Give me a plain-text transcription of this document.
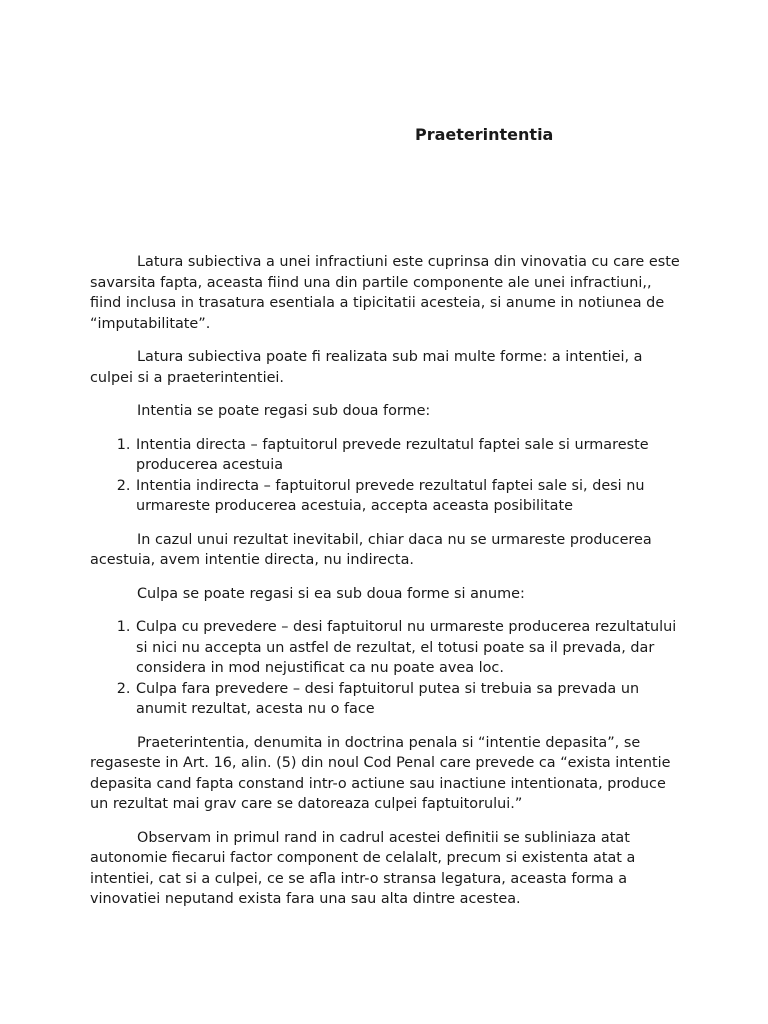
Praeterintentia

Latura subiectiva a unei infractiuni este cuprinsa din vinovatia cu care este savarsita fapta, aceasta fiind una din partile componente ale unei infractiuni,, fiind inclusa in trasatura esentiala a tipicitatii acesteia, si anume in notiunea de “imputabilitate”.

Latura subiectiva poate fi realizata sub mai multe forme: a intentiei, a culpei si a praeterintentiei.

Intentia se poate regasi sub doua forme:

1. Intentia directa – faptuitorul prevede rezultatul faptei sale si urmareste producerea acestuia
2. Intentia indirecta – faptuitorul prevede rezultatul faptei sale si, desi nu urmareste producerea acestuia, accepta aceasta posibilitate

In cazul unui rezultat inevitabil, chiar daca nu se urmareste producerea acestuia, avem intentie directa, nu indirecta.

Culpa se poate regasi si ea sub doua forme si anume:

1. Culpa cu prevedere – desi faptuitorul nu urmareste producerea rezultatului si nici nu accepta un astfel de rezultat, el totusi poate sa il prevada, dar considera in mod nejustificat ca nu poate avea loc.
2. Culpa fara prevedere – desi faptuitorul putea si trebuia sa prevada un anumit rezultat, acesta nu o face

Praeterintentia, denumita in doctrina penala si “intentie depasita”, se regaseste in Art. 16, alin. (5) din noul Cod Penal care prevede ca “exista intentie depasita cand fapta constand intr-o actiune sau inactiune intentionata, produce un rezultat mai grav care se datoreaza culpei faptuitorului.”

Observam in primul rand in cadrul acestei definitii se subliniaza atat autonomie fiecarui factor component de celalalt, precum si existenta atat a intentiei, cat si a culpei, ce se afla intr-o stransa legatura, aceasta forma a vinovatiei neputand exista fara una sau alta dintre acestea.
